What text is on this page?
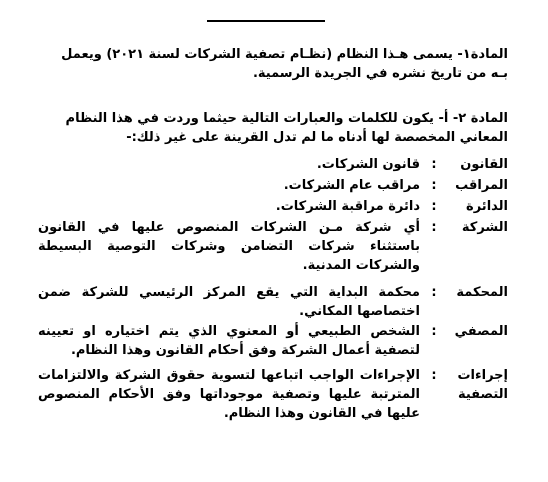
المادة١- يسمى هـذا النظام (نظـام تصفية الشركات لسنة ٢٠٢١) ويعمل بـه من تاريخ نشره في الجريدة الرسمية.
المادة ٢- أ- يكون للكلمات والعبارات التالية حيثما وردت في هذا النظام المعاني المخصصة لها أدناه ما لم تدل القرينة على غير ذلك:-
القانون
:
قانون الشركات.
المراقب
:
مراقب عام الشركات.
الدائرة
:
دائرة مراقبة الشركات.
الشركة
:
أي شركة مـن الشركات المنصوص عليها في القانون باستثناء شركات التضامن وشركات التوصية البسيطة والشركات المدنية.
المحكمة
:
محكمة البداية التي يقع المركز الرئيسي للشركة ضمن اختصاصها المكاني.
المصفي
:
الشخص الطبيعي أو المعنوي الذي يتم اختياره او تعيينه لتصفية أعمال الشركة وفق أحكام القانون وهذا النظام.
إجراءات
التصفية
:
الإجراءات الواجب اتباعها لتسوية حقوق الشركة والالتزامات المترتبة عليها وتصفية موجوداتها وفق الأحكام المنصوص عليها في القانون وهذا النظام.
